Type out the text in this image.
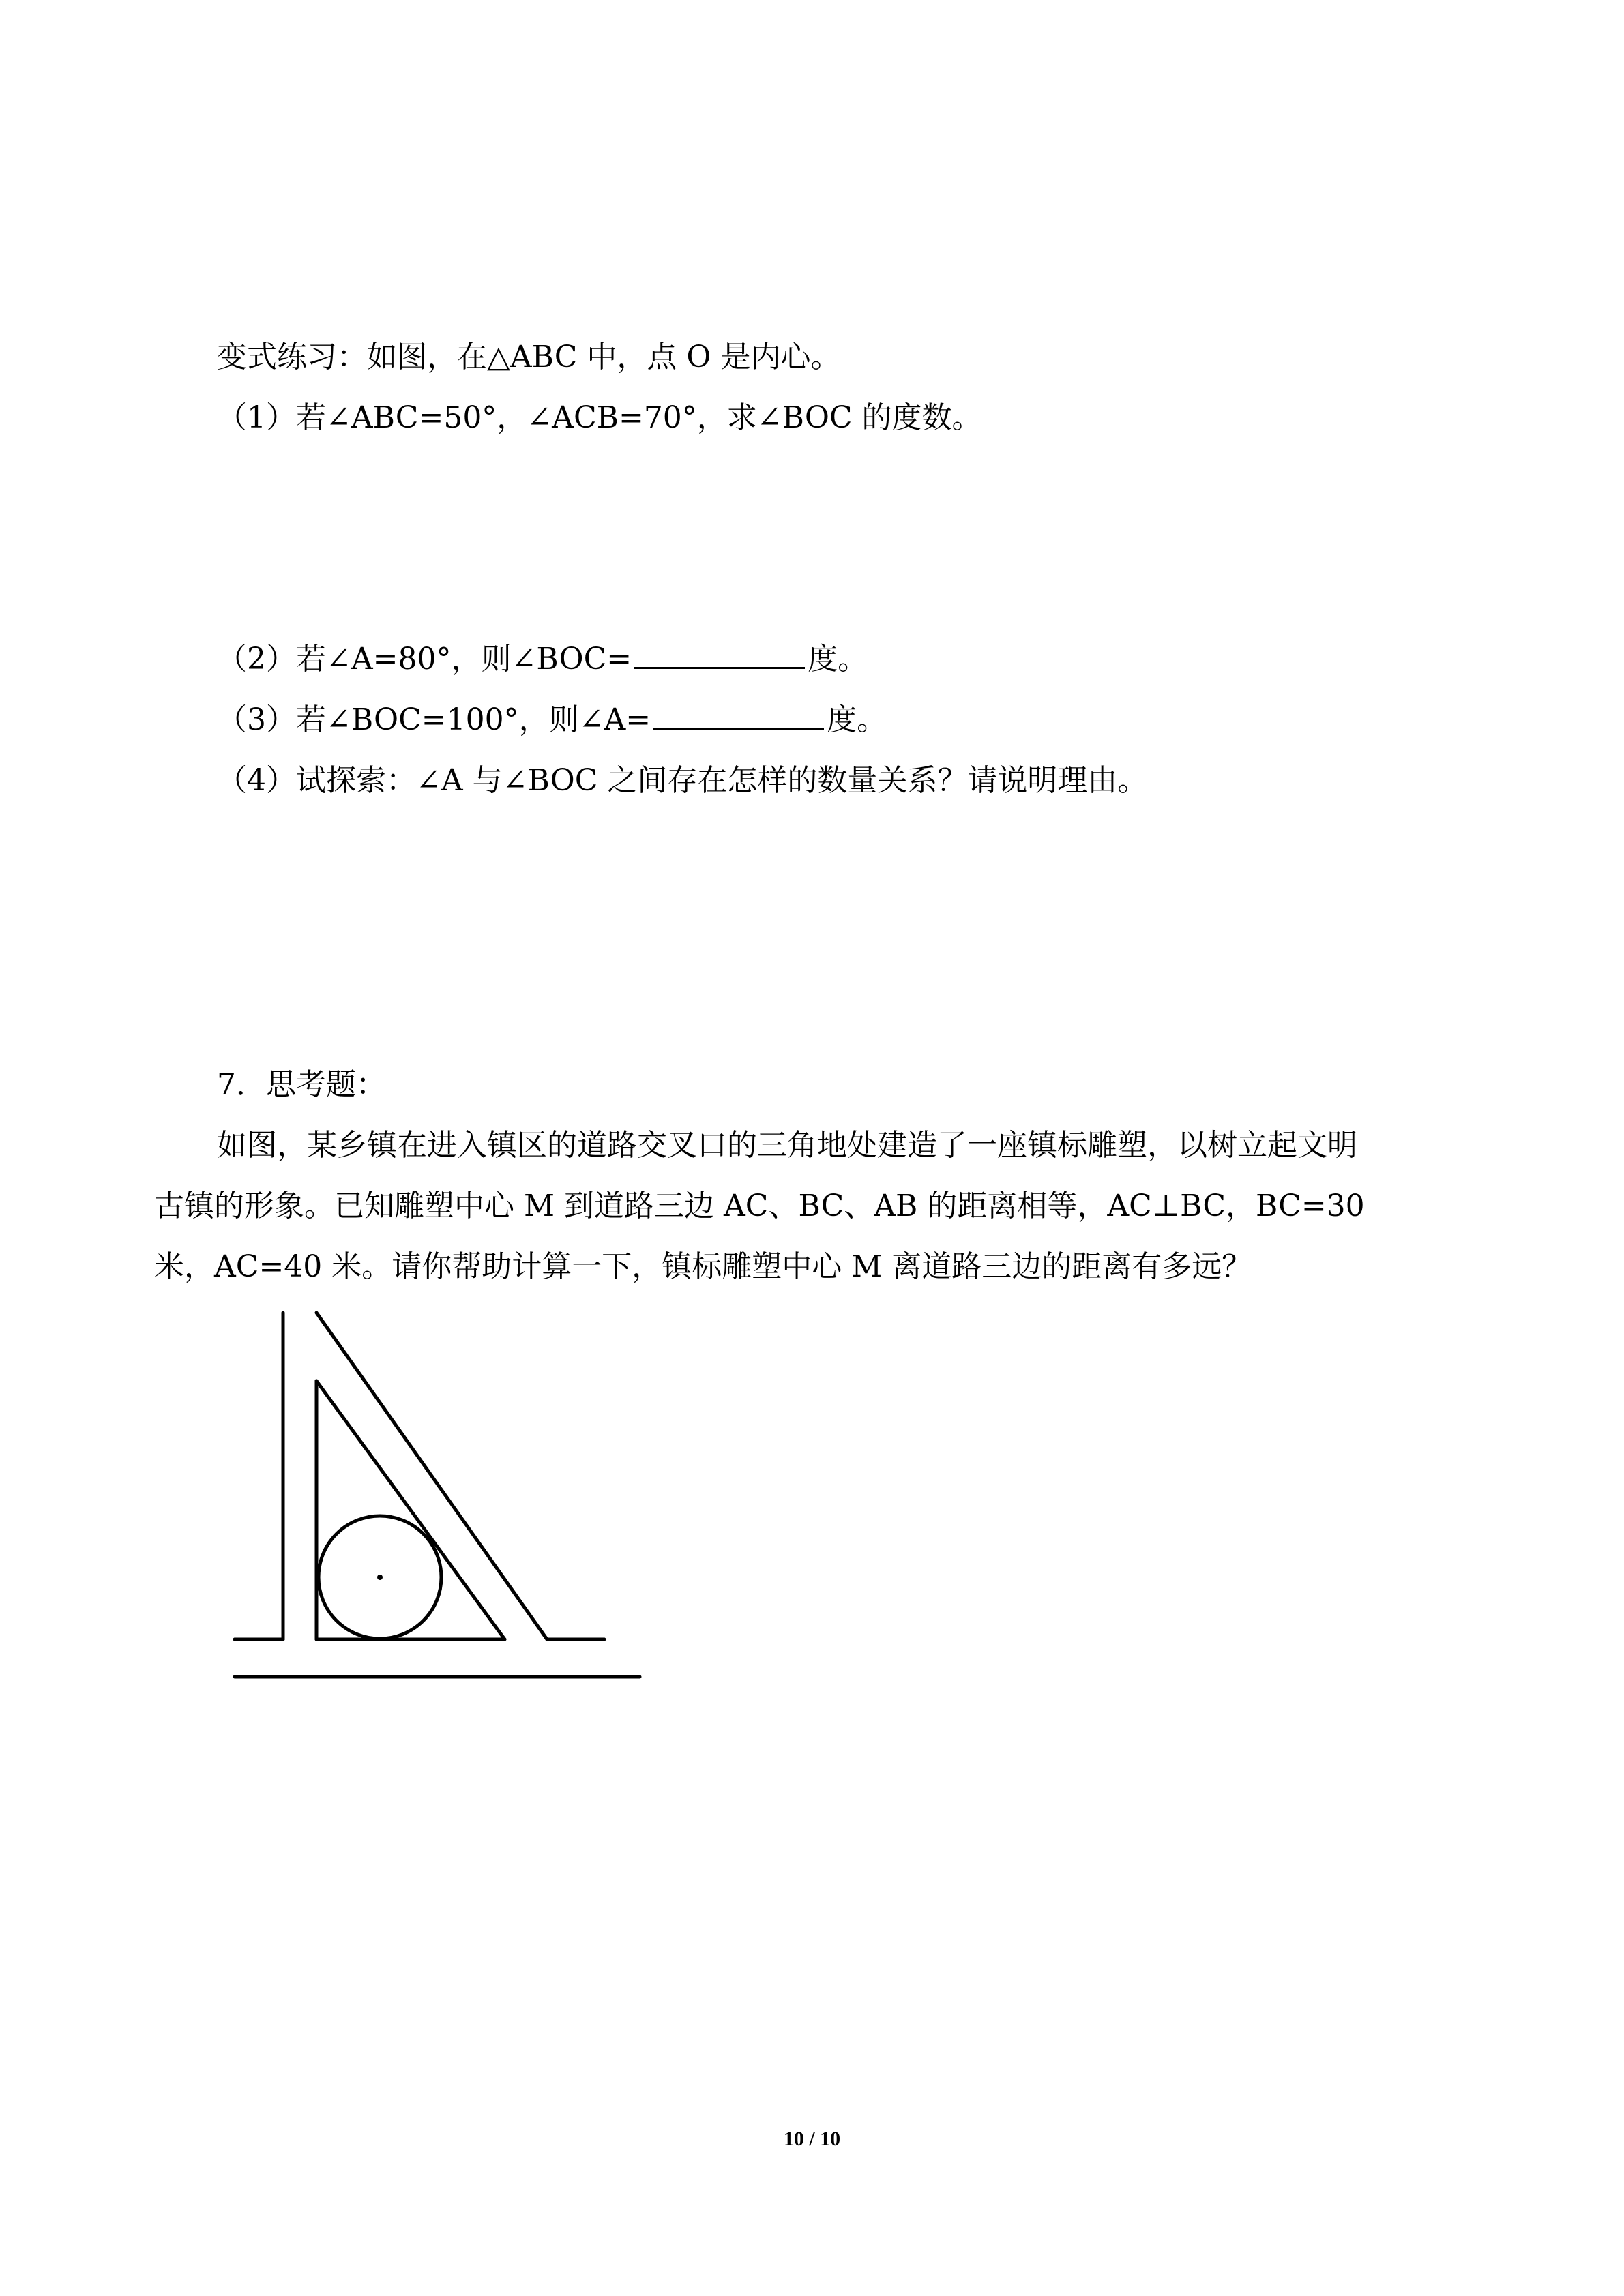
变式练习：如图，在△ABC 中，点 O 是内心。
（1）若∠ABC=50°，∠ACB=70°，求∠BOC 的度数。
（2）若∠A=80°，则∠BOC=	度。
（3）若∠BOC=100°，则∠A=	度。
（4）试探索：∠A 与∠BOC 之间存在怎样的数量关系？请说明理由。
7．思考题：
如图，某乡镇在进入镇区的道路交叉口的三角地处建造了一座镇标雕塑，以树立起文明
古镇的形象。已知雕塑中心 M 到道路三边 AC、BC、AB 的距离相等，AC⊥BC，BC=30
米，AC=40 米。请你帮助计算一下，镇标雕塑中心 M 离道路三边的距离有多远？
10 / 10
